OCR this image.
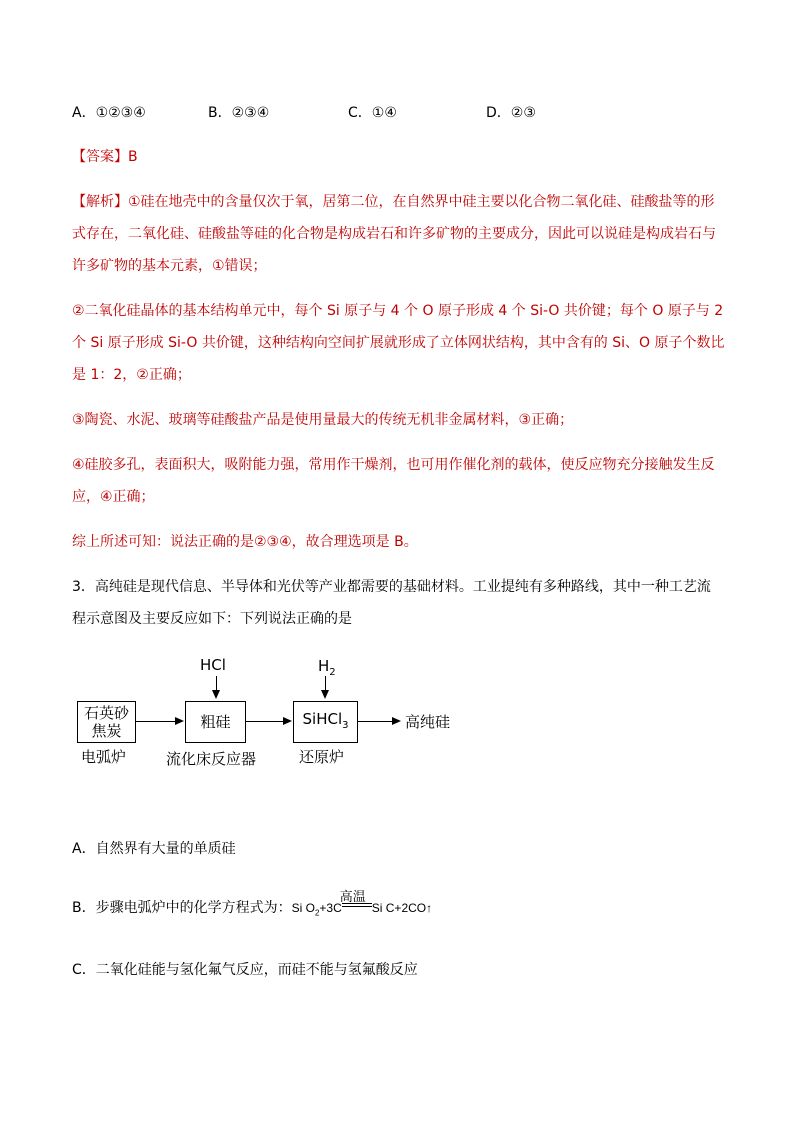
A．①②③④	B．②③④	C．①④	D．②③
【答案】B
【解析】①硅在地壳中的含量仅次于氧，居第二位，在自然界中硅主要以化合物二氧化硅、硅酸盐等的形
式存在，二氧化硅、硅酸盐等硅的化合物是构成岩石和许多矿物的主要成分，因此可以说硅是构成岩石与
许多矿物的基本元素，①错误；
②二氧化硅晶体的基本结构单元中，每个 Si 原子与 4 个 O 原子形成 4 个 Si-O 共价键；每个 O 原子与 2
个 Si 原子形成 Si-O 共价键，这种结构向空间扩展就形成了立体网状结构，其中含有的 Si、O 原子个数比
是 1：2，②正确；
③陶瓷、水泥、玻璃等硅酸盐产品是使用量最大的传统无机非金属材料，③正确；
④硅胶多孔，表面积大，吸附能力强，常用作干燥剂，也可用作催化剂的载体，使反应物充分接触发生反
应，④正确；
综上所述可知：说法正确的是②③④，故合理选项是 B。
3．高纯硅是现代信息、半导体和光伏等产业都需要的基础材料。工业提纯有多种路线，其中一种工艺流
程示意图及主要反应如下：下列说法正确的是
石英砂
焦炭
电弧炉
HCl
粗硅
流化床反应器
$H_2$
SiHCl$_3$
还原炉
高纯硅
A．自然界有大量的单质硅
B．步骤电弧炉中的化学方程式为：Si $O_2+3C$
高温
Si C+2CO↑
C．二氧化硅能与氢化氟气反应，而硅不能与氢氟酸反应
